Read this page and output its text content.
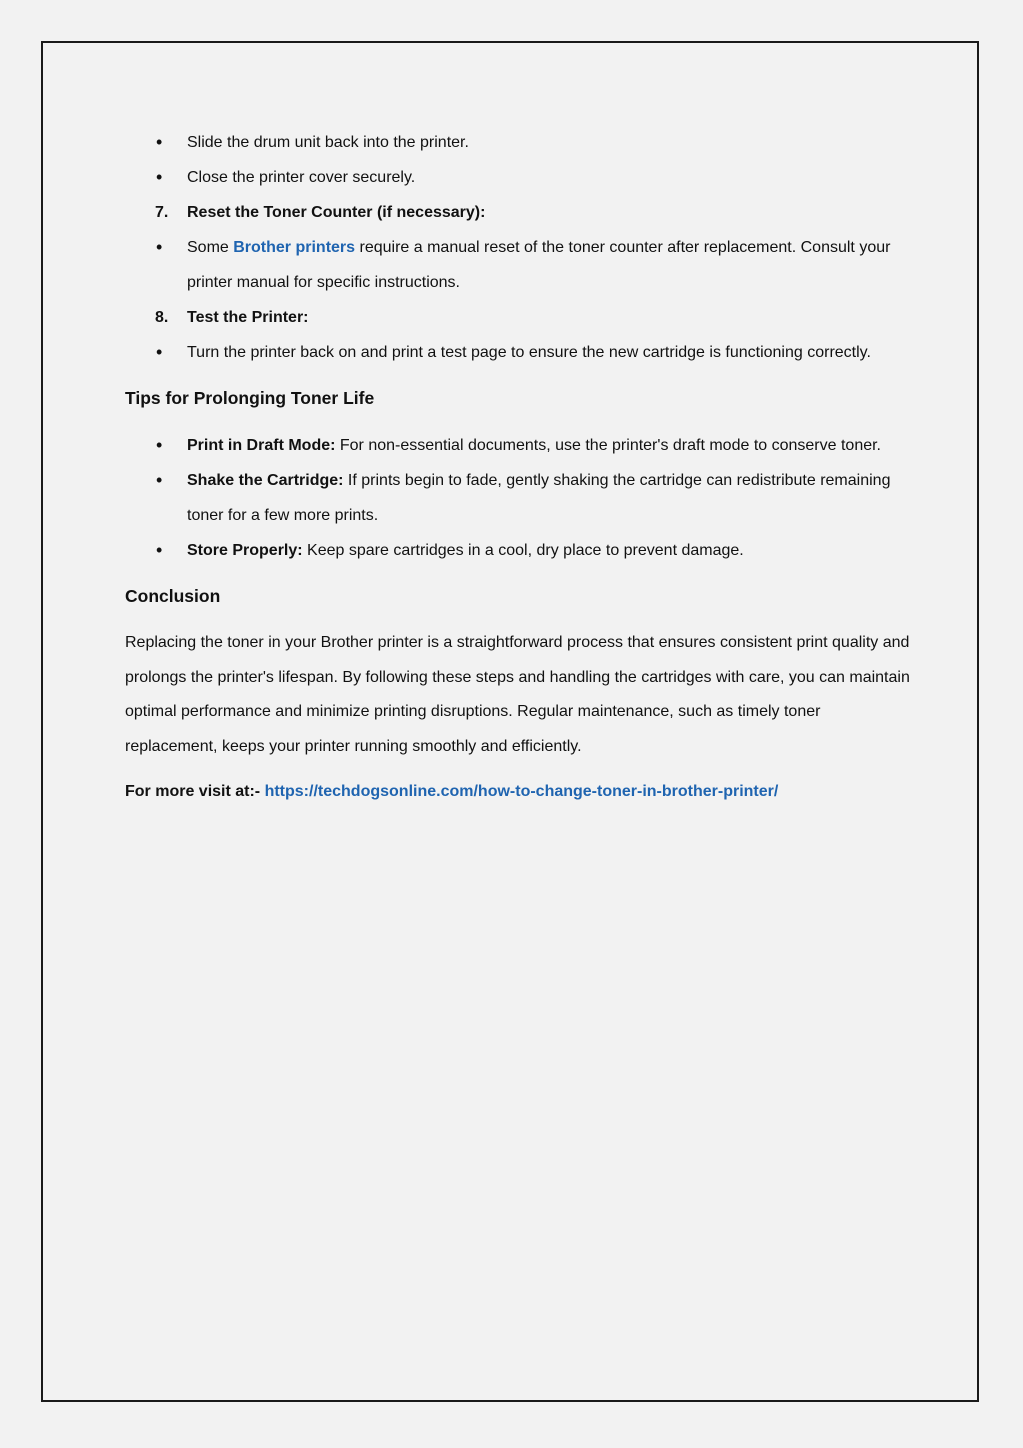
• Slide the drum unit back into the printer.
• Close the printer cover securely.
7. Reset the Toner Counter (if necessary):
• Some Brother printers require a manual reset of the toner counter after replacement. Consult your printer manual for specific instructions.
8. Test the Printer:
• Turn the printer back on and print a test page to ensure the new cartridge is functioning correctly.
Tips for Prolonging Toner Life
• Print in Draft Mode: For non-essential documents, use the printer's draft mode to conserve toner.
• Shake the Cartridge: If prints begin to fade, gently shaking the cartridge can redistribute remaining toner for a few more prints.
• Store Properly: Keep spare cartridges in a cool, dry place to prevent damage.
Conclusion

Replacing the toner in your Brother printer is a straightforward process that ensures consistent print quality and prolongs the printer's lifespan. By following these steps and handling the cartridges with care, you can maintain optimal performance and minimize printing disruptions. Regular maintenance, such as timely toner replacement, keeps your printer running smoothly and efficiently.

For more visit at:- https://techdogsonline.com/how-to-change-toner-in-brother-printer/
